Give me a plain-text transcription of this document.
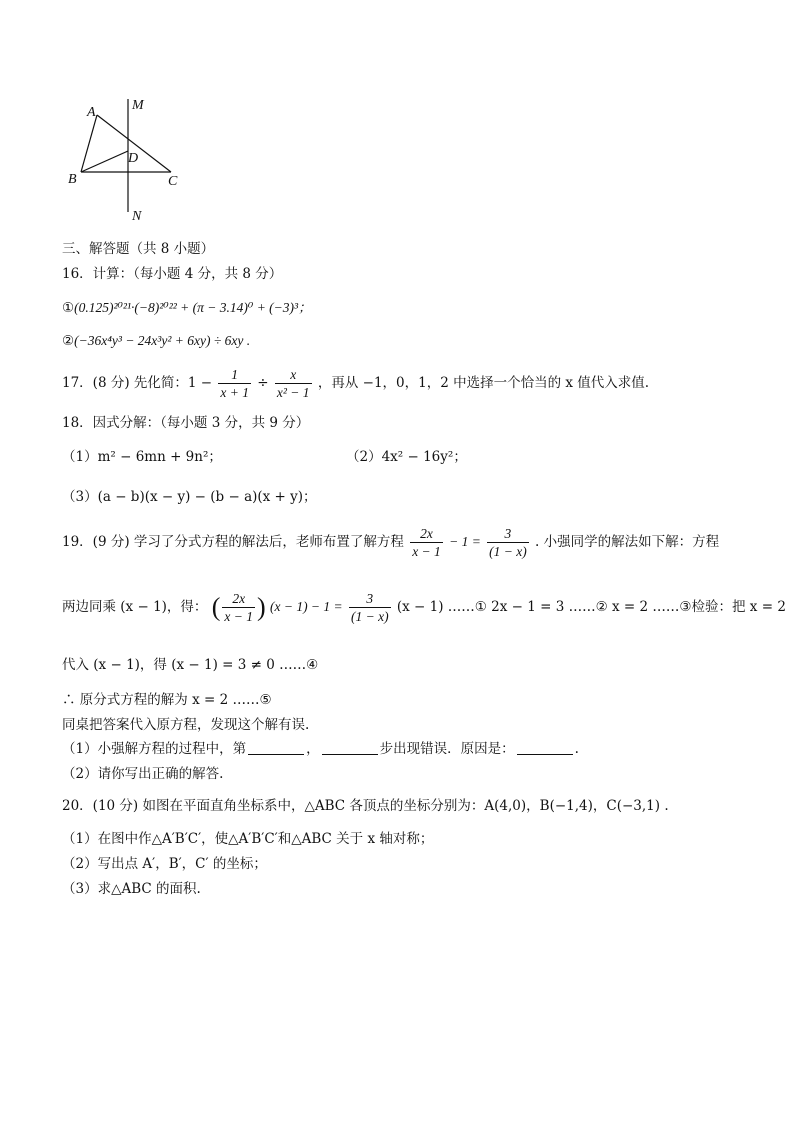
A	M
D
B	C
N
三、解答题（共 8 小题）
16．计算：（每小题 4 分，共 8 分）
①(0.125)²⁰²¹·(−8)²⁰²² + (π − 3.14)⁰ + (−3)³；
②(−36x⁴y³ − 24x³y² + 6xy) ÷ 6xy .
17．(8 分) 先化简：$1 - \frac{1}{x + 1} \div \frac{x}{\text{x² − 1}}$ ，再从 −1，0，1，2 中选择一个恰当的 x 值代入求值.
18．因式分解：（每小题 3 分，共 9 分）
（1）m² − 6mn + 9n²；	（2）4x² − 16y²；
（3）(a − b)(x − y) − (b − a)(x + y)；
19．(9 分) 学习了分式方程的解法后，老师布置了解方程 $\frac{2x}{x - 1} - 1 = \frac{3}{(1 - x)}$ . 小强同学的解法如下解：方程
两边同乘 (x − 1)，得： ( $\frac{2x}{x - 1}$ ) $(x - 1) - 1 = \frac{3}{(1 - x)} (x - 1)$ ……① 2x − 1 = 3 ……② x = 2 ……③检验：把 x = 2
代入 (x − 1)，得 (x − 1) = 3 ≠ 0 ……④
∴ 原分式方程的解为 x = 2 ……⑤
同桌把答案代入原方程，发现这个解有误.
（1）小强解方程的过程中，第	，	步出现错误．原因是：	.
（2）请你写出正确的解答.
20．(10 分) 如图在平面直角坐标系中，△ABC 各顶点的坐标分别为：A(4,0)，B(−1,4)，C(−3,1) .
（1）在图中作△A′B′C′，使△A′B′C′和△ABC 关于 x 轴对称；
（2）写出点 A′，B′，C′ 的坐标；
（3）求△ABC 的面积.
